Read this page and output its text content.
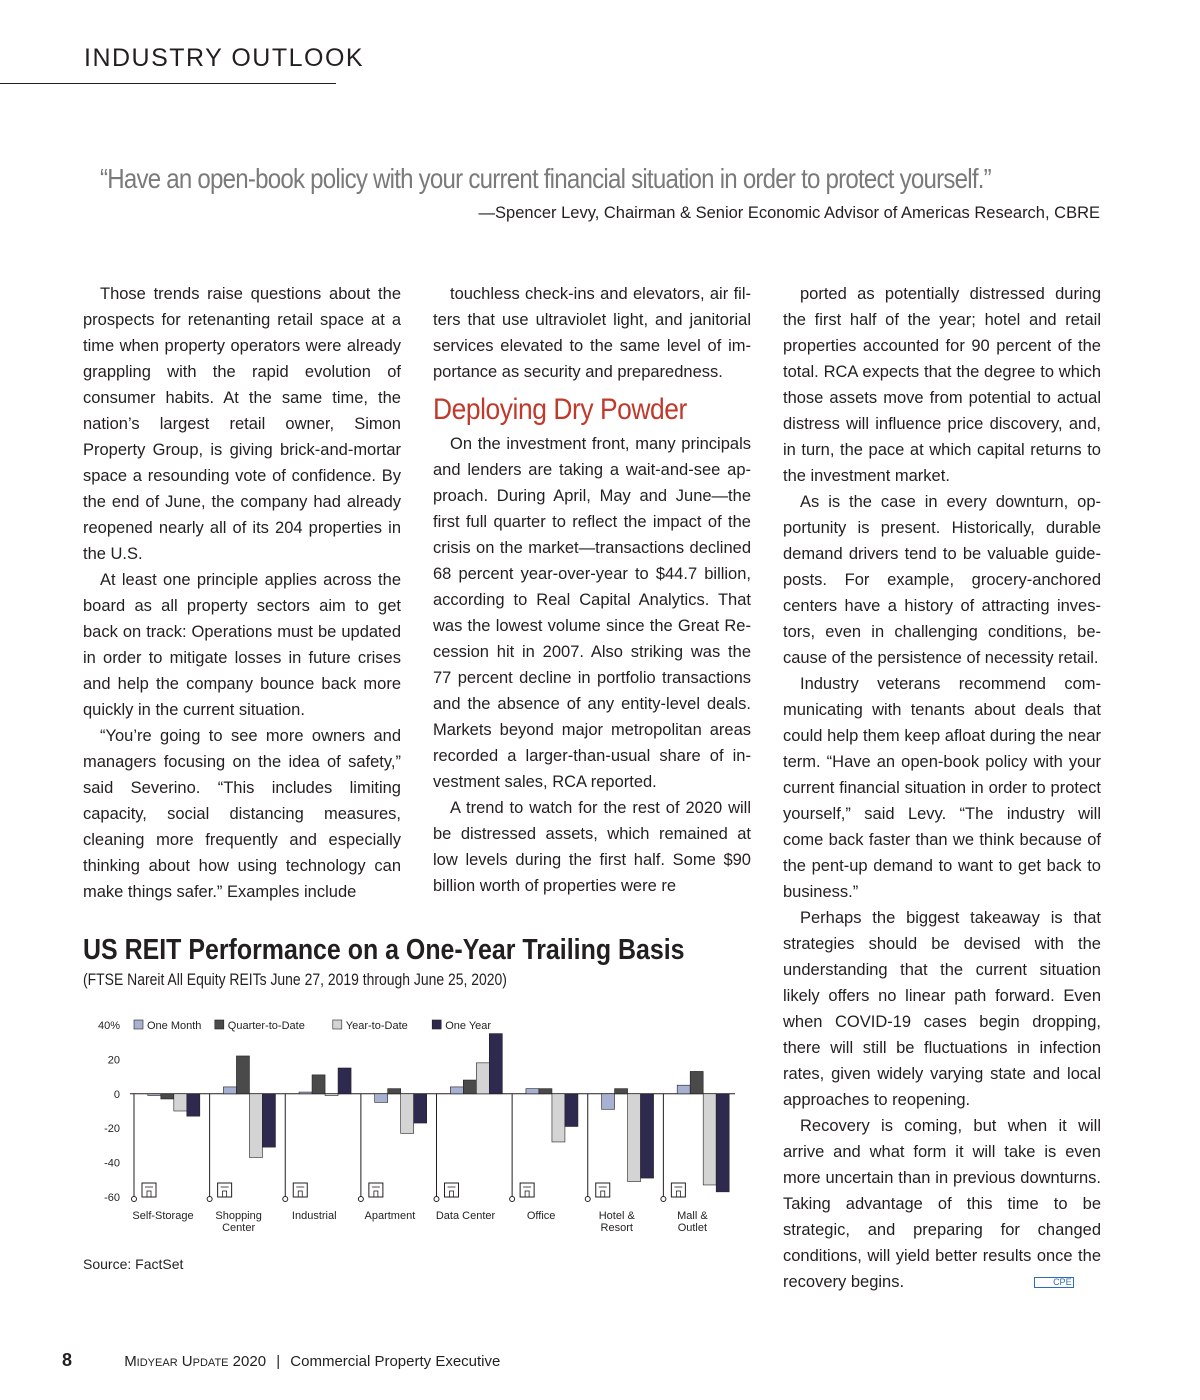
INDUSTRY OUTLOOK
“Have an open-book policy with your current financial situation in order to protect yourself.”
—Spencer Levy, Chairman & Senior Economic Advisor of Americas Research, CBRE

Those trends raise questions about the prospects for retenanting retail space at a time when property operators were already grappling with the rapid evolution of consumer habits. At the same time, the nation’s largest retail owner, Simon Property Group, is giving brick-and-mortar space a resounding vote of confidence. By the end of June, the company had already reopened nearly all of its 204 properties in the U.S.

At least one principle applies across the board as all property sectors aim to get back on track: Operations must be updated in order to mitigate losses in future crises and help the company bounce back more quickly in the current situation.

“You’re going to see more owners and managers focusing on the idea of safety,” said Severino. “This includes limiting capacity, social distancing measures, cleaning more frequently and especially thinking about how using technology can make things safer.” Examples include

touchless check-ins and elevators, air filters that use ultraviolet light, and janitorial services elevated to the same level of importance as security and preparedness.

Deploying Dry Powder

On the investment front, many principals and lenders are taking a wait-and-see approach. During April, May and June—the first full quarter to reflect the impact of the crisis on the market—transactions declined 68 percent year-over-year to $44.7 billion, according to Real Capital Analytics. That was the lowest volume since the Great Recession hit in 2007. Also striking was the 77 percent decline in portfolio transactions and the absence of any entity-level deals. Markets beyond major metropolitan areas recorded a larger-than-usual share of investment sales, RCA reported.

A trend to watch for the rest of 2020 will be distressed assets, which remained at low levels during the first half. Some $90 billion worth of properties were re

ported as potentially distressed during the first half of the year; hotel and retail properties accounted for 90 percent of the total. RCA expects that the degree to which those assets move from potential to actual distress will influence price discovery, and, in turn, the pace at which capital returns to the investment market.

As is the case in every downturn, opportunity is present. Historically, durable demand drivers tend to be valuable guideposts. For example, grocery-anchored centers have a history of attracting investors, even in challenging conditions, because of the persistence of necessity retail.

Industry veterans recommend communicating with tenants about deals that could help them keep afloat during the near term. “Have an open-book policy with your current financial situation in order to protect yourself,” said Levy. “The industry will come back faster than we think because of the pent-up demand to want to get back to business.”

Perhaps the biggest takeaway is that strategies should be devised with the understanding that the current situation likely offers no linear path forward. Even when COVID-19 cases begin dropping, there will still be fluctuations in infection rates, given widely varying state and local approaches to reopening.

Recovery is coming, but when it will arrive and what form it will take is even more uncertain than in previous downturns. Taking advantage of this time to be strategic, and preparing for changed conditions, will yield better results once the recovery begins.	CPE

US REIT Performance on a One-Year Trailing Basis
(FTSE Nareit All Equity REITs June 27, 2019 through June 25, 2020)
-60
-40
-20
0
20
40% One Month Quarter-to-Date	Year-to-Date	One Year
Self-Storage Shopping
Center
Industrial	Apartment Data Center	Office	Hotel &
Resort
Mall &
Outlet
Source: FactSet
8	Midyear Update 2020 | Commercial Property Executive
